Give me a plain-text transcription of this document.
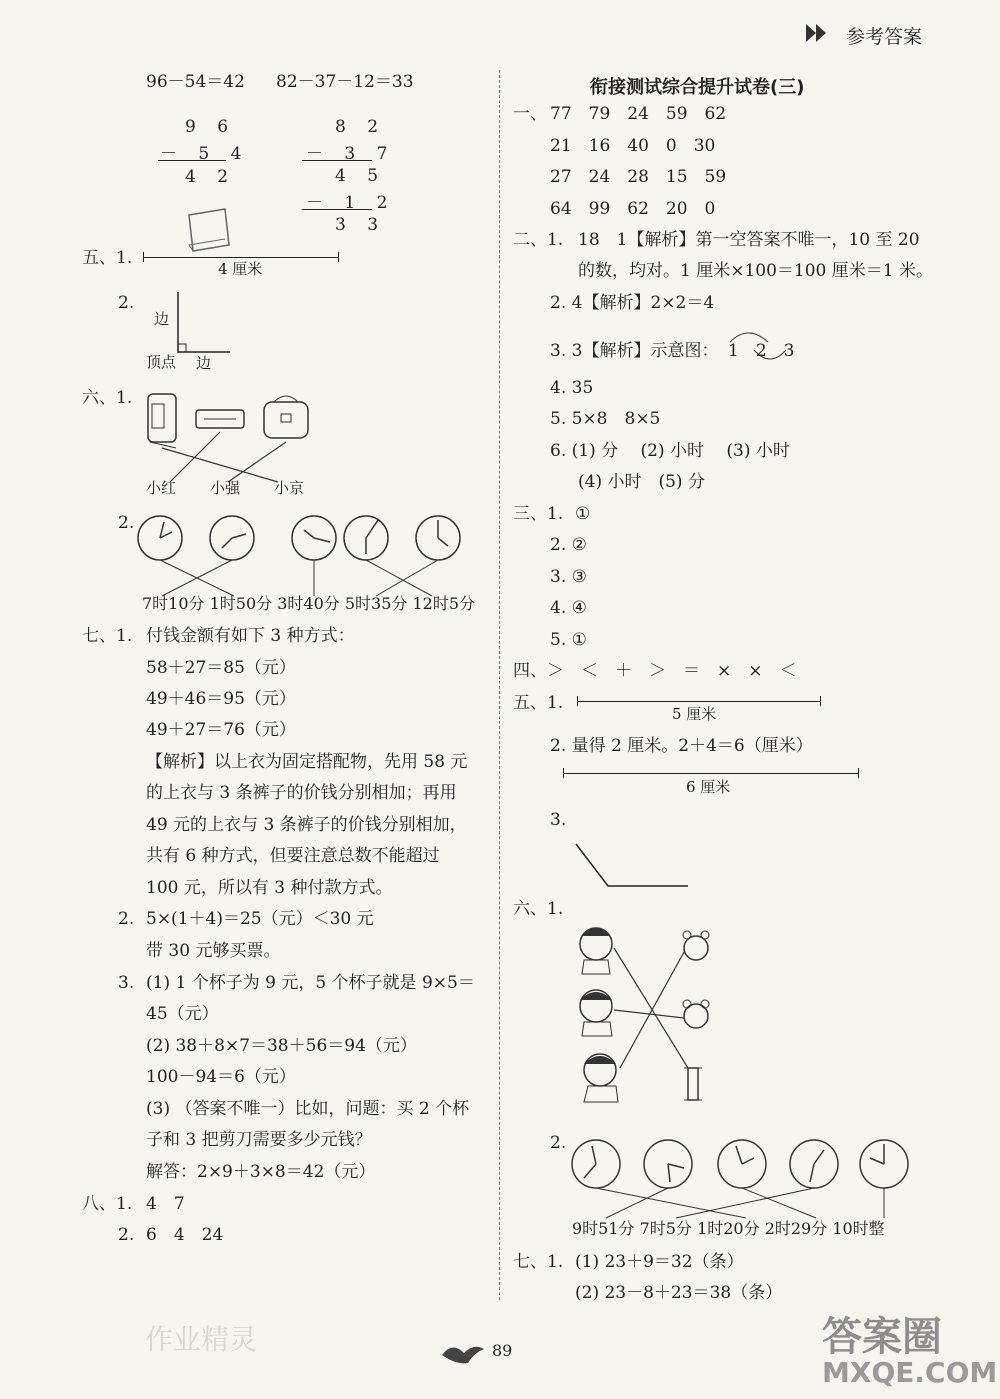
参考答案
96－54＝42 82－37－12＝33
9 6
－ 5 4
4 2
8 2
－ 3 7
4 5
－ 1 2
3 3
五、1.
4 厘米
2.
边
顶点 边
六、1.
小红 小强 小京
2.
7时10分 1时50分 3时40分 5时35分 12时5分
七、1. 付钱金额有如下 3 种方式：
58＋27＝85（元）
49＋46＝95（元）
49＋27＝76（元）
【解析】以上衣为固定搭配物，先用 58 元
的上衣与 3 条裤子的价钱分别相加；再用
49 元的上衣与 3 条裤子的价钱分别相加，
共有 6 种方式，但要注意总数不能超过
100 元，所以有 3 种付款方式。
2. 5×(1＋4)＝25（元）＜30 元
带 30 元够买票。
3. (1) 1 个杯子为 9 元，5 个杯子就是 9×5＝
45（元）
(2) 38＋8×7＝38＋56＝94（元）
100－94＝6（元）
(3) （答案不唯一）比如，问题：买 2 个杯
子和 3 把剪刀需要多少元钱？
解答：2×9＋3×8＝42（元）
八、1. 4　7
2. 6　4　24
作业精灵
衔接测试综合提升试卷(三)
一、 77　79　24　59　62
21　16　40　0　30
27　24　28　15　59
64　99　62　20　0
二、1. 18　1【解析】第一空答案不唯一，10 至 20
的数，均对。1 厘米×100＝100 厘米＝1 米。
2. 4【解析】2×2＝4
3. 3【解析】示意图： 1　2　3
4. 35
5. 5×8　8×5
6. (1) 分　 (2) 小时　 (3) 小时
(4) 小时　(5) 分
三、1. ①
2. ②
3. ③
4. ④
5. ①
四、＞　＜　＋　＞　＝　×　×　＜
五、1.
5 厘米
2. 量得 2 厘米。2＋4＝6（厘米）
6 厘米
3.
六、1.
2.
9时51分 7时5分 1时20分 2时29分 10时整
七、1. (1) 23＋9＝32（条）
(2) 23－8＋23＝38（条）
89	答案圈
MXQE.COM
